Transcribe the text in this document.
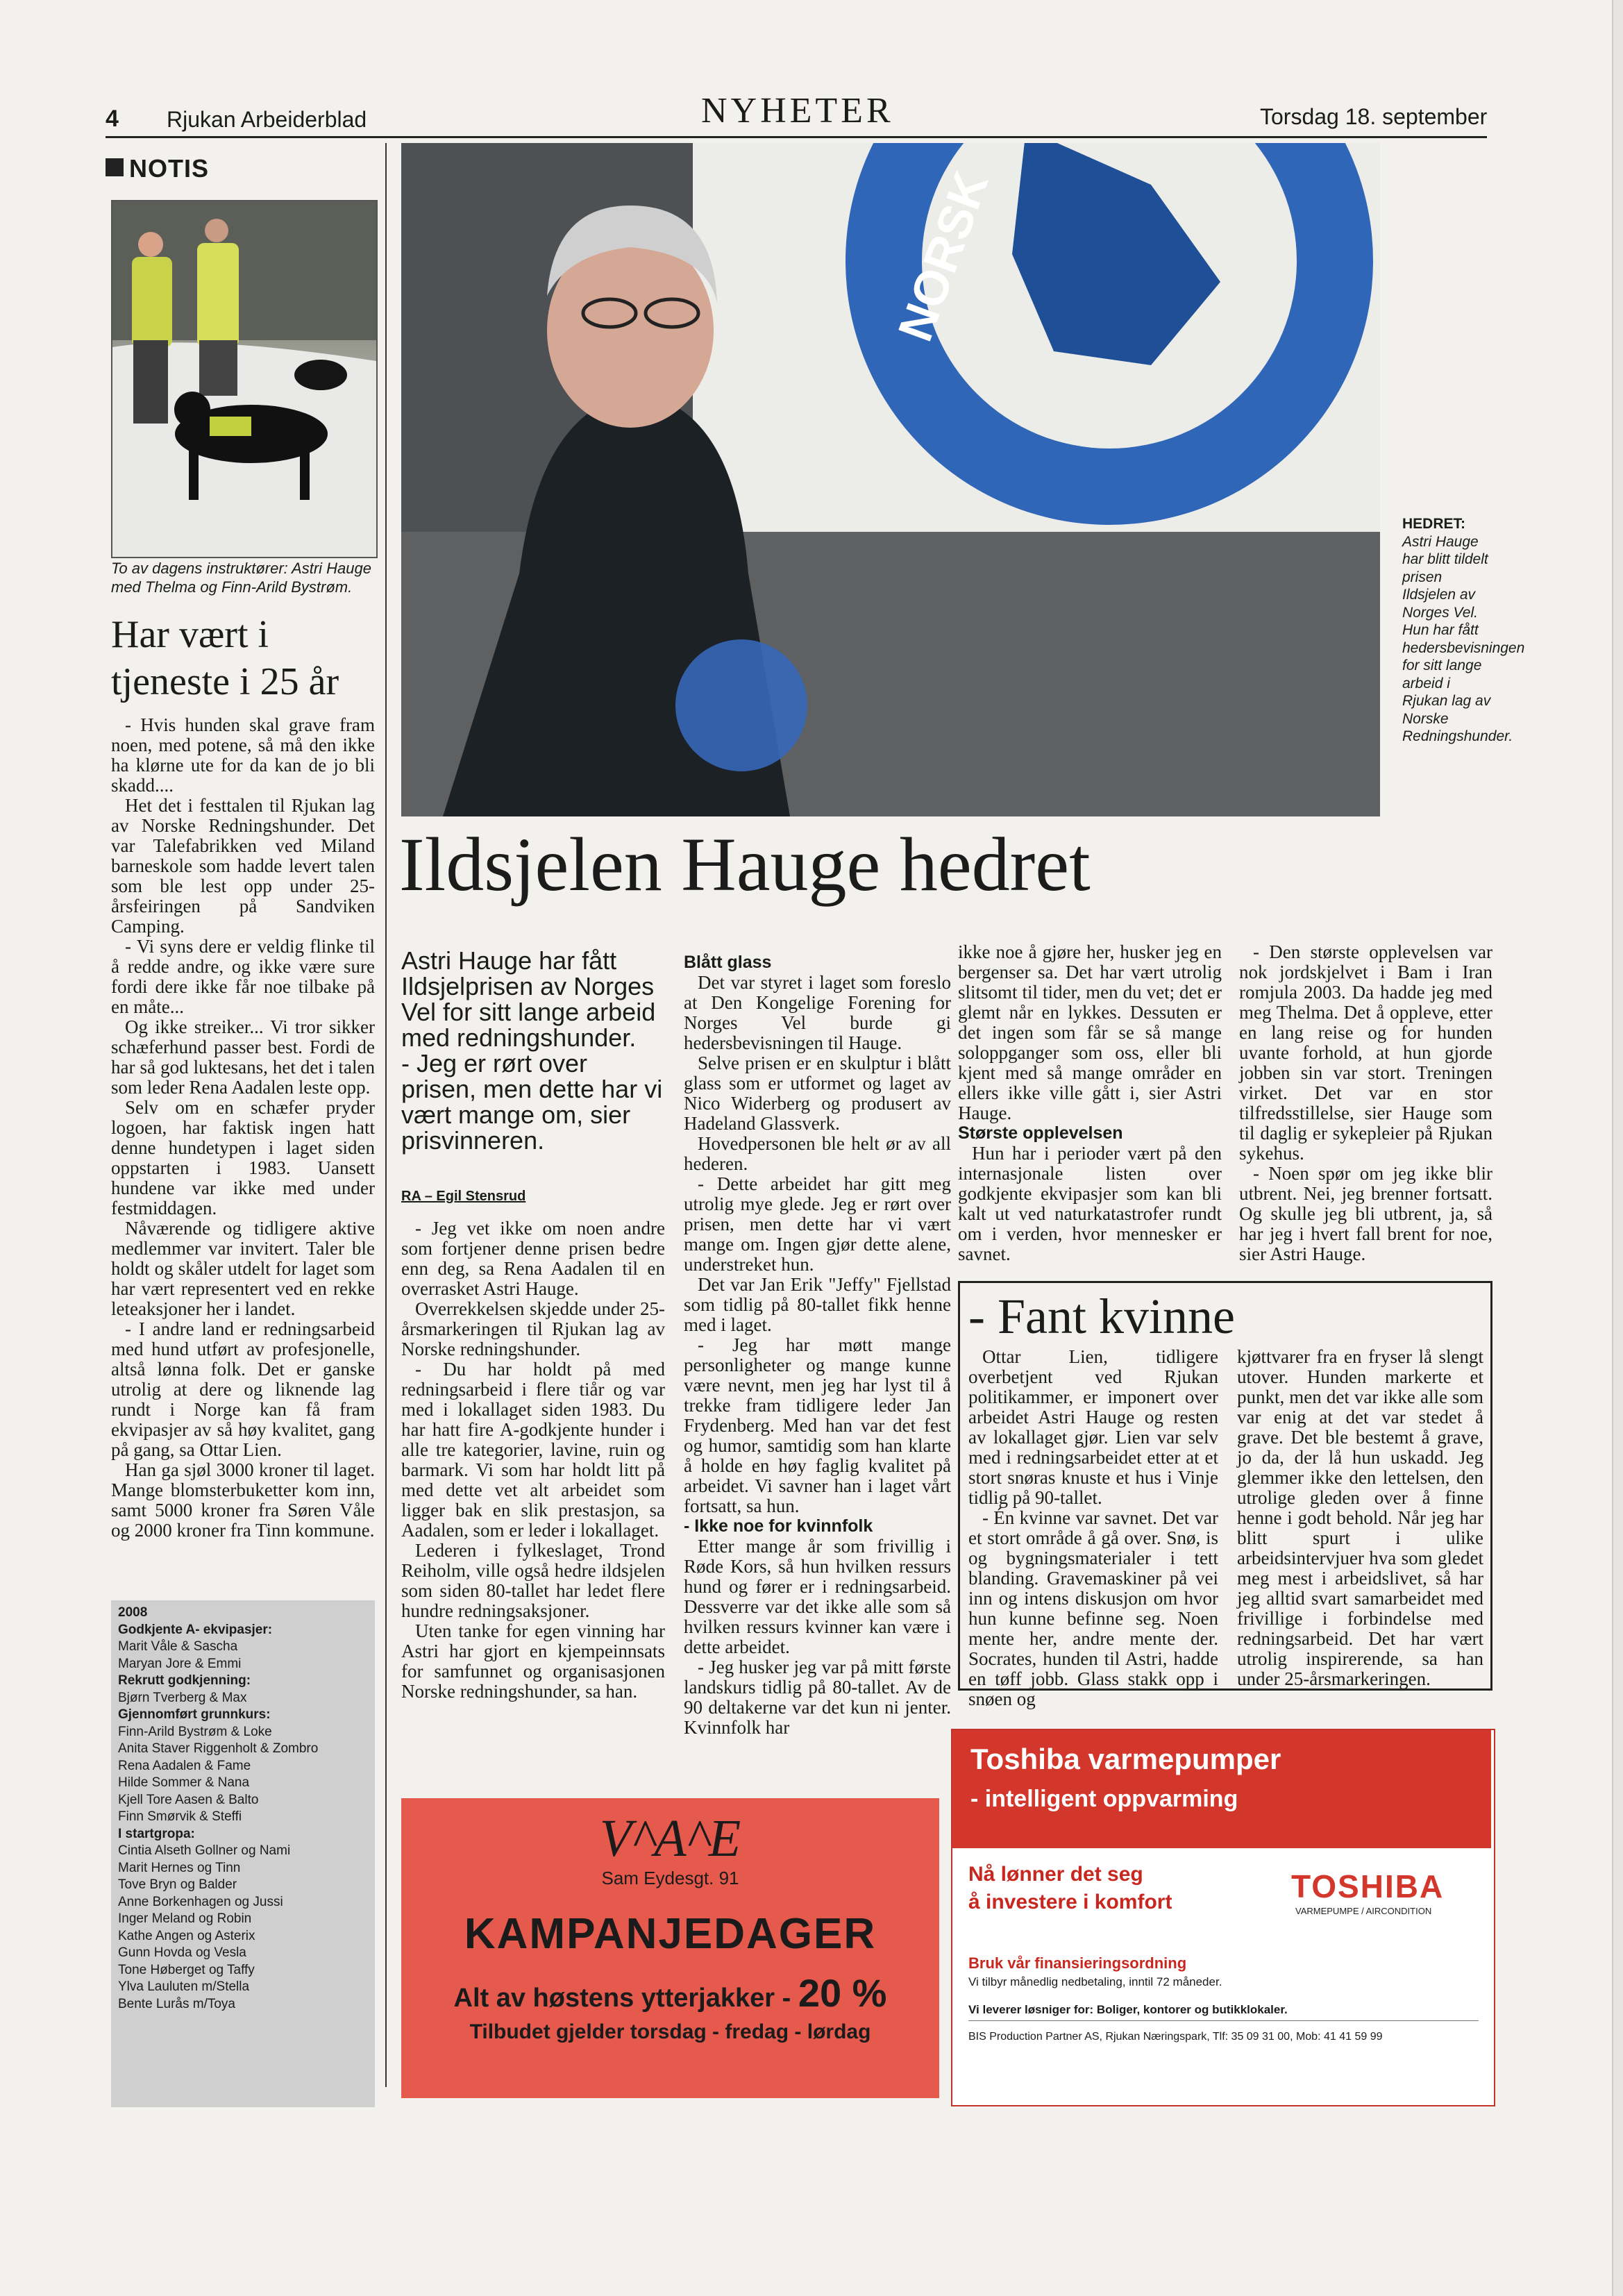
4 Rjukan Arbeiderblad	NYHETER	Torsdag 18. september
NOTIS
To av dagens instruktører: Astri Hauge med Thelma og Finn-Arild Bystrøm.
Har vært i tjeneste i 25 år

- Hvis hunden skal grave fram noen, med potene, så må den ikke ha klørne ute for da kan de jo bli skadd....

Het det i festtalen til Rjukan lag av Norske Redningshunder. Det var Talefabrikken ved Miland barneskole som hadde levert talen som ble lest opp under 25-årsfeiringen på Sandviken Camping.

- Vi syns dere er veldig flinke til å redde andre, og ikke være sure fordi dere ikke får noe tilbake på en måte...

Og ikke streiker... Vi tror sikker schæferhund passer best. Fordi de har så god luktesans, het det i talen som leder Rena Aadalen leste opp.

Selv om en schæfer pryder logoen, har faktisk ingen hatt denne hundetypen i laget siden oppstarten i 1983. Uansett hundene var ikke med under festmiddagen.

Nåværende og tidligere aktive medlemmer var invitert. Taler ble holdt og skåler utdelt for laget som har vært representert ved en rekke leteaksjoner her i landet.

- I andre land er redningsarbeid med hund utført av profesjonelle, altså lønna folk. Det er ganske utrolig at dere og liknende lag rundt i Norge kan få fram ekvipasjer av så høy kvalitet, gang på gang, sa Ottar Lien.

Han ga sjøl 3000 kroner til laget. Mange blomsterbuketter kom inn, samt 5000 kroner fra Søren Våle og 2000 kroner fra Tinn kommune.

2008
Godkjente A- ekvipasjer:
Marit Våle & Sascha
Maryan Jore & Emmi
Rekrutt godkjenning:
Bjørn Tverberg & Max
Gjennomført grunnkurs:
Finn-Arild Bystrøm & Loke
Anita Staver Riggenholt & Zombro
Rena Aadalen & Fame
Hilde Sommer & Nana
Kjell Tore Aasen & Balto
Finn Smørvik & Steffi
I startgropa:
Cintia Alseth Gollner og Nami
Marit Hernes og Tinn
Tove Bryn og Balder
Anne Borkenhagen og Jussi
Inger Meland og Robin
Kathe Angen og Asterix
Gunn Hovda og Vesla
Tone Høberget og Taffy
Ylva Lauluten m/Stella
Bente Lurås m/Toya
NORSK
HEDRET:
Astri Hauge har blitt tildelt prisen Ildsjelen av Norges Vel. Hun har fått hedersbevisningen for sitt lange arbeid i Rjukan lag av Norske Redningshunder.
Ildsjelen Hauge hedret
Astri Hauge har fått Ildsjelprisen av Norges Vel for sitt lange arbeid med redningshunder.
- Jeg er rørt over prisen, men dette har vi vært mange om, sier prisvinneren.
RA – Egil Stensrud

- Jeg vet ikke om noen andre som fortjener denne prisen bedre enn deg, sa Rena Aadalen til en overrasket Astri Hauge.

Overrekkelsen skjedde under 25-årsmarkeringen til Rjukan lag av Norske redningshunder.

- Du har holdt på med redningsarbeid i flere tiår og var med i lokallaget siden 1983. Du har hatt fire A-godkjente hunder i alle tre kategorier, lavine, ruin og barmark. Vi som har holdt litt på med dette vet alt arbeidet som ligger bak en slik prestasjon, sa Aadalen, som er leder i lokallaget.

Lederen i fylkeslaget, Trond Reiholm, ville også hedre ildsjelen som siden 80-tallet har ledet flere hundre redningsaksjoner.

Uten tanke for egen vinning har Astri har gjort en kjempeinnsats for samfunnet og organisasjonen Norske redningshunder, sa han.

Blått glass

Det var styret i laget som foreslo at Den Kongelige Forening for Norges Vel burde gi hedersbevisningen til Hauge.

Selve prisen er en skulptur i blått glass som er utformet og laget av Nico Widerberg og produsert av Hadeland Glassverk.

Hovedpersonen ble helt ør av all hederen.

- Dette arbeidet har gitt meg utrolig mye glede. Jeg er rørt over prisen, men dette har vi vært mange om. Ingen gjør dette alene, understreket hun.

Det var Jan Erik "Jeffy" Fjellstad som tidlig på 80-tallet fikk henne med i laget.

- Jeg har møtt mange personligheter og mange kunne være nevnt, men jeg har lyst til å trekke fram tidligere leder Jan Frydenberg. Med han var det fest og humor, samtidig som han klarte å holde en høy faglig kvalitet på arbeidet. Vi savner han i laget vårt fortsatt, sa hun.

- Ikke noe for kvinnfolk

Etter mange år som frivillig i Røde Kors, så hun hvilken ressurs hund og fører er i redningsarbeid. Dessverre var det ikke alle som så hvilken ressurs kvinner kan være i dette arbeidet.

- Jeg husker jeg var på mitt første landskurs tidlig på 80-tallet. Av de 90 deltakerne var det kun ni jenter. Kvinnfolk har

ikke noe å gjøre her, husker jeg en bergenser sa. Det har vært utrolig slitsomt til tider, men du vet; det er glemt når en lykkes. Dessuten er det ingen som får se så mange soloppganger som oss, eller bli kjent med så mange områder en ellers ikke ville gått i, sier Astri Hauge.

Største opplevelsen

Hun har i perioder vært på den internasjonale listen over godkjente ekvipasjer som kan bli kalt ut ved naturkatastrofer rundt om i verden, hvor mennesker er savnet.

- Den største opplevelsen var nok jordskjelvet i Bam i Iran romjula 2003. Da hadde jeg med meg Thelma. Det å oppleve, etter en lang reise og for hunden uvante forhold, at hun gjorde jobben sin var stort. Treningen virket. Det var en stor tilfredsstillelse, sier Hauge som til daglig er sykepleier på Rjukan sykehus.

- Noen spør om jeg ikke blir utbrent. Nei, jeg brenner fortsatt. Og skulle jeg bli utbrent, ja, så har jeg i hvert fall brent for noe, sier Astri Hauge.

- Fant kvinne

Ottar Lien, tidligere overbetjent ved Rjukan politikammer, er imponert over arbeidet Astri Hauge og resten av lokallaget gjør. Lien var selv med i redningsarbeidet etter at et stort snøras knuste et hus i Vinje tidlig på 90-tallet.

- Én kvinne var savnet. Det var et stort område å gå over. Snø, is og bygningsmaterialer i tett blanding. Gravemaskiner på vei inn og intens diskusjon om hvor hun kunne befinne seg. Noen mente her, andre mente der. Socrates, hunden til Astri, hadde en tøff jobb. Glass stakk opp i snøen og

kjøttvarer fra en fryser lå slengt utover. Hunden markerte et punkt, men det var ikke alle som var enig at det var stedet å grave. Det ble bestemt å grave, jo da, der lå hun uskadd. Jeg glemmer ikke den lettelsen, den utrolige gleden over å finne henne i godt behold. Når jeg har blitt spurt i ulike arbeidsintervjuer hva som gledet meg mest i arbeidslivet, så har jeg alltid svart samarbeidet med frivillige i forbindelse med redningsarbeid. Det har vært utrolig inspirerende, sa han under 25-årsmarkeringen.

V^A^E
Sam Eydesgt. 91
KAMPANJEDAGER
Alt av høstens ytterjakker - 20 %
Tilbudet gjelder torsdag - fredag - lørdag
Toshiba varmepumper
- intelligent oppvarming
Nå lønner det seg
å investere i komfort	TOSHIBA
VARMEPUMPE / AIRCONDITION
Bruk vår finansieringsordning
Vi tilbyr månedlig nedbetaling, inntil 72 måneder.
Vi leverer løsniger for: Boliger, kontorer og butikklokaler.
BIS Production Partner AS, Rjukan Næringspark, Tlf: 35 09 31 00, Mob: 41 41 59 99
